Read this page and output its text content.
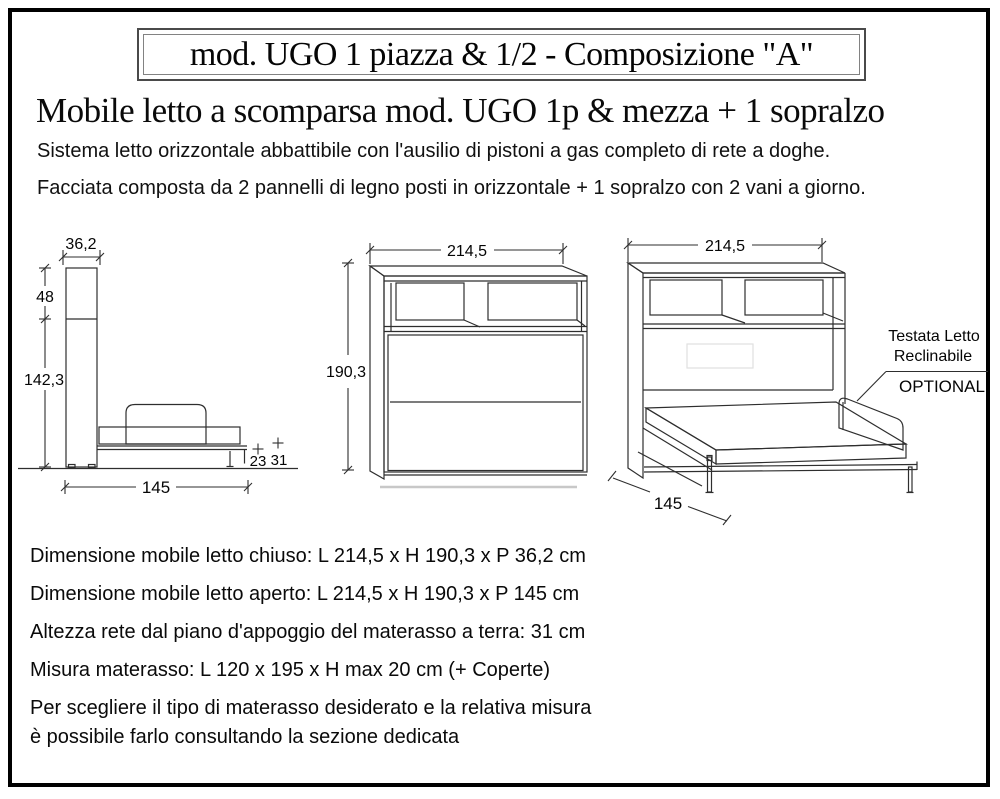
mod. UGO 1 piazza & 1/2 - Composizione "A"
Mobile letto a scomparsa mod. UGO 1p & mezza + 1 sopralzo

Sistema letto orizzontale abbattibile con l'ausilio di pistoni a gas completo di rete a doghe.

Facciata composta da 2 pannelli di legno posti in orizzontale + 1 sopralzo con 2 vani a giorno.

36,2
48
142,3
23 31
145
214,5
190,3
214,5
145
Testata Letto
Reclinabile
OPTIONAL

Dimensione mobile letto chiuso: L 214,5 x H 190,3 x P 36,2 cm

Dimensione mobile letto aperto: L 214,5 x H 190,3 x P 145 cm

Altezza rete dal piano d'appoggio del materasso a terra: 31 cm

Misura materasso: L 120 x 195 x H max 20 cm (+ Coperte)

Per scegliere il tipo di materasso desiderato e la relativa misura

è possibile farlo consultando la sezione dedicata
